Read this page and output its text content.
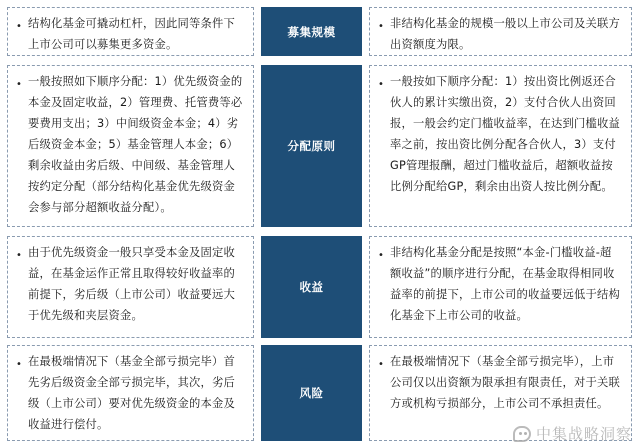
• 结构化基金可撬动杠杆，因此同等条件下上市公司可以募集更多资金。

募集规模	• 非结构化基金的规模一般以上市公司及关联方出资额度为限。

• 一般按照如下顺序分配：1）优先级资金的本金及固定收益，2）管理费、托管费等必要费用支出；3）中间级资金本金；4）劣后级资金本金；5）基金管理人本金；6）剩余收益由劣后级、中间级、基金管理人按约定分配（部分结构化基金优先级资金会参与部分超额收益分配）。

分配原则
• 一般按如下顺序分配：1）按出资比例返还合伙人的累计实缴出资，2）支付合伙人出资回报，一般会约定门槛收益率，在达到门槛收益率之前，按出资比例分配各合伙人，3）支付GP管理报酬，超过门槛收益后，超额收益按比例分配给GP，剩余由出资人按比例分配。

• 由于优先级资金一般只享受本金及固定收益，在基金运作正常且取得较好收益率的前提下，劣后级（上市公司）收益要远大于优先级和夹层资金。

收益
• 非结构化基金分配是按照“本金-门槛收益-超额收益”的顺序进行分配，在基金取得相同收益率的前提下，上市公司的收益要远低于结构化基金下上市公司的收益。

• 在最极端情况下（基金全部亏损完毕）首先劣后级资金全部亏损完毕，其次，劣后级（上市公司）要对优先级资金的本金及收益进行偿付。

风险
• 在最极端情况下（基金全部亏损完毕），上市公司仅以出资额为限承担有限责任，对于关联方或机构亏损部分，上市公司不承担责任。

中集战略洞察
